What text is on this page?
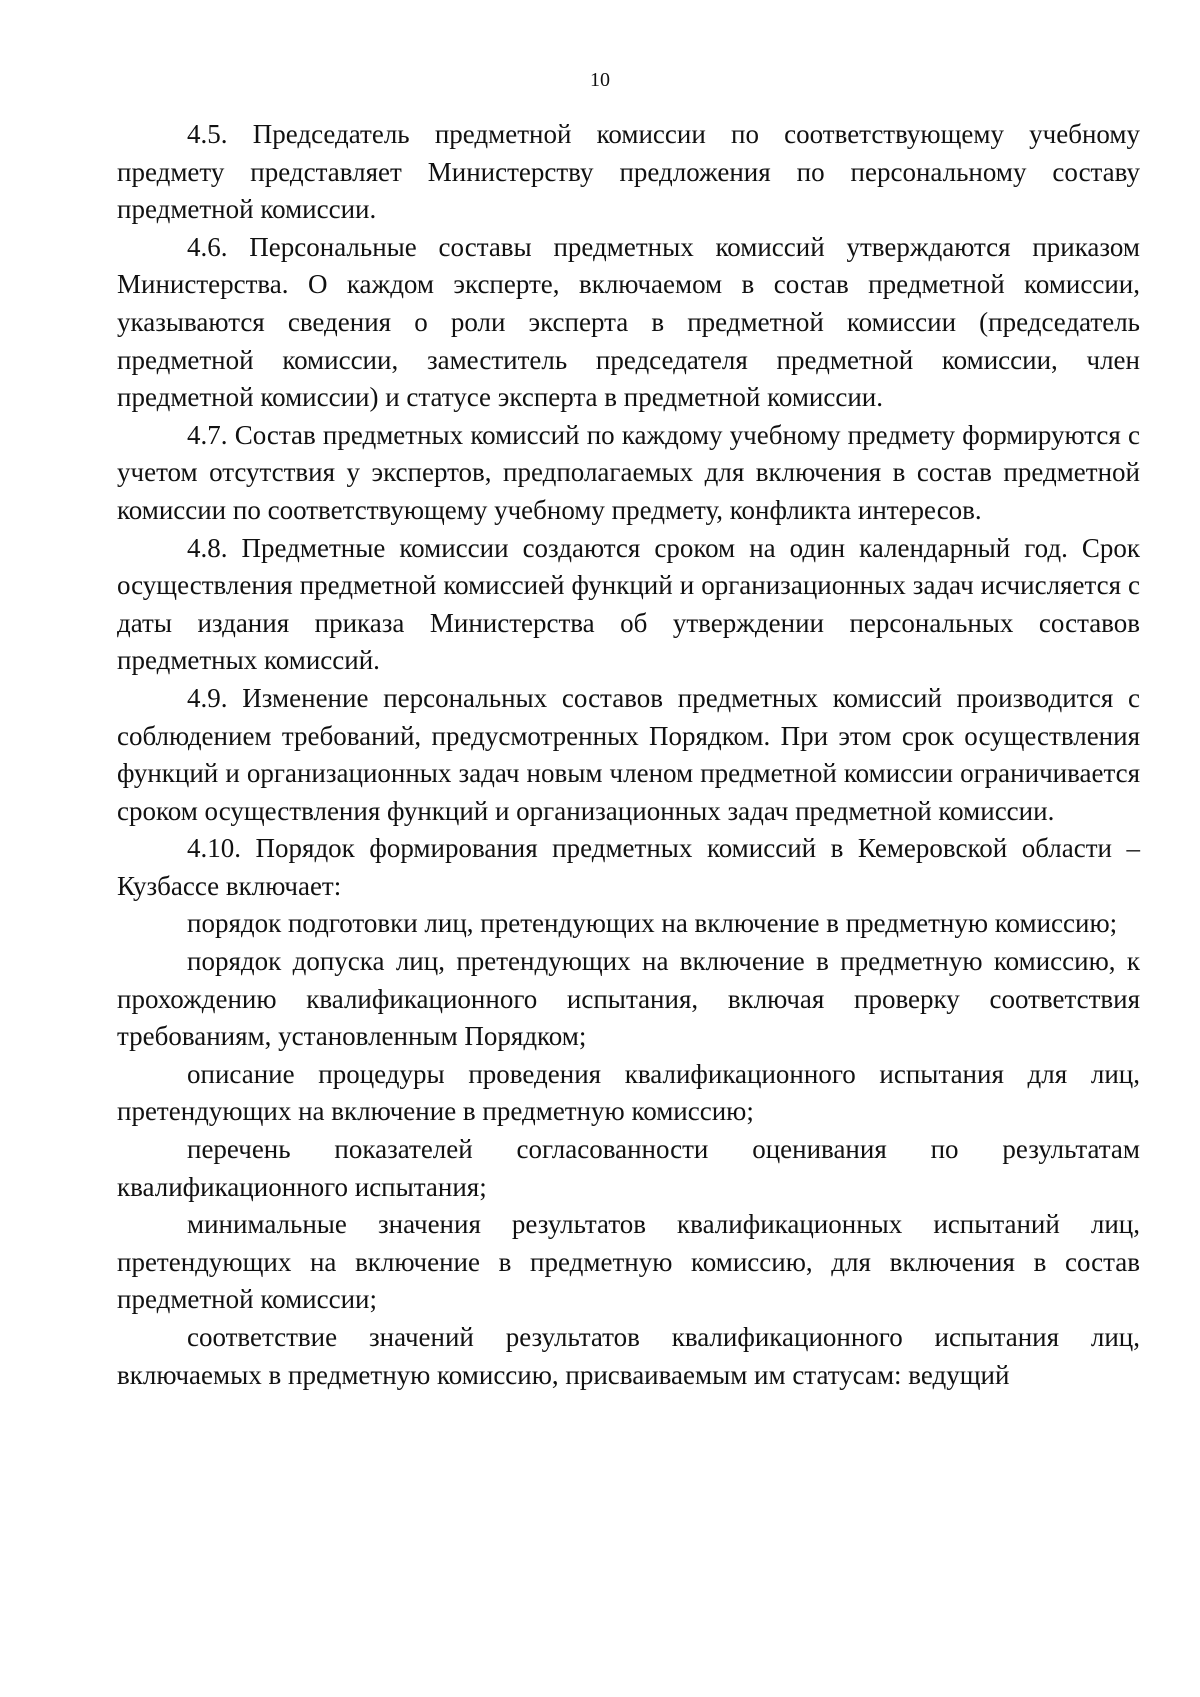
10

4.5. Председатель предметной комиссии по соответствующему учебному предмету представляет Министерству предложения по персональному составу предметной комиссии.

4.6. Персональные составы предметных комиссий утверждаются приказом Министерства. О каждом эксперте, включаемом в состав предметной комиссии, указываются сведения о роли эксперта в предметной комиссии (председатель предметной комиссии, заместитель председателя предметной комиссии, член предметной комиссии) и статусе эксперта в предметной комиссии.

4.7. Состав предметных комиссий по каждому учебному предмету формируются с учетом отсутствия у экспертов, предполагаемых для включения в состав предметной комиссии по соответствующему учебному предмету, конфликта интересов.

4.8. Предметные комиссии создаются сроком на один календарный год. Срок осуществления предметной комиссией функций и организационных задач исчисляется с даты издания приказа Министерства об утверждении персональных составов предметных комиссий.

4.9. Изменение персональных составов предметных комиссий производится с соблюдением требований, предусмотренных Порядком. При этом срок осуществления функций и организационных задач новым членом предметной комиссии ограничивается сроком осуществления функций и организационных задач предметной комиссии.

4.10. Порядок формирования предметных комиссий в Кемеровской области – Кузбассе включает:

порядок подготовки лиц, претендующих на включение в предметную комиссию;

порядок допуска лиц, претендующих на включение в предметную комиссию, к прохождению квалификационного испытания, включая проверку соответствия требованиям, установленным Порядком;

описание процедуры проведения квалификационного испытания для лиц, претендующих на включение в предметную комиссию;

перечень показателей согласованности оценивания по результатам квалификационного испытания;

минимальные значения результатов квалификационных испытаний лиц, претендующих на включение в предметную комиссию, для включения в состав предметной комиссии;

соответствие значений результатов квалификационного испытания лиц, включаемых в предметную комиссию, присваиваемым им статусам: ведущий
